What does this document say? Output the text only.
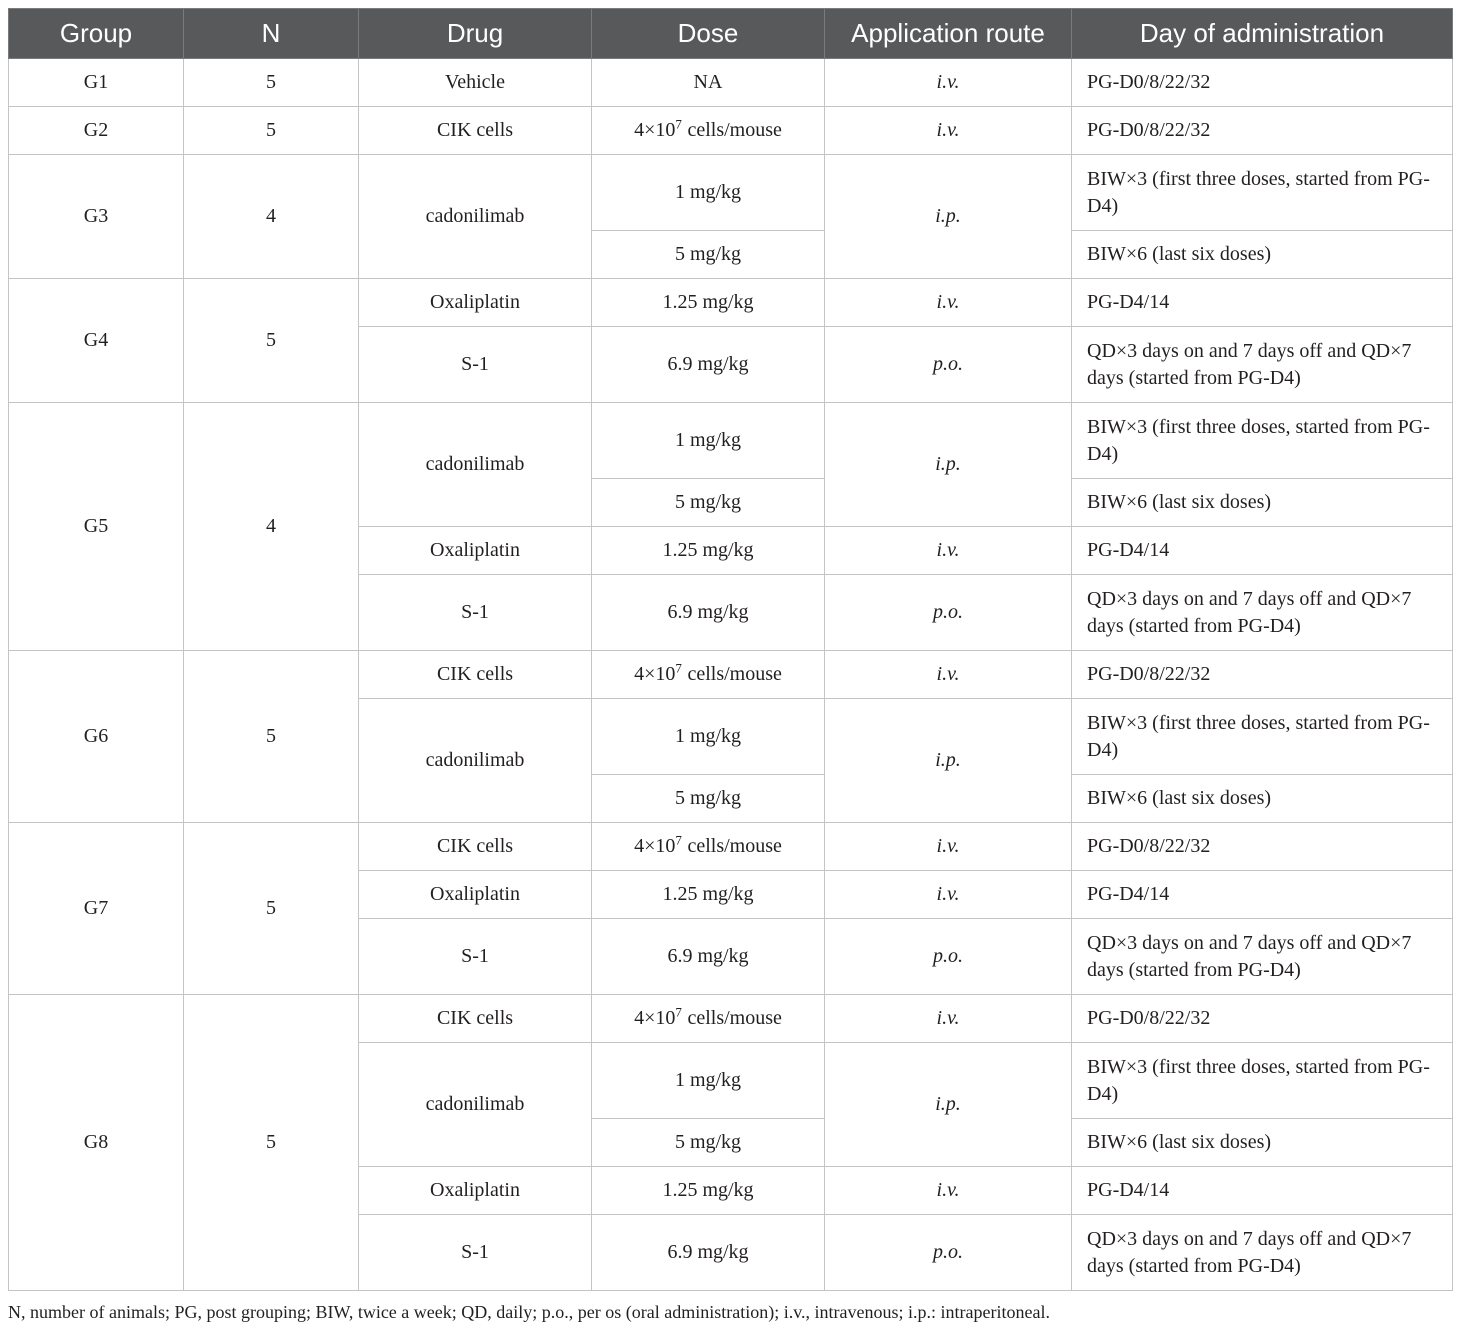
Group	N	Drug	Dose	Application route	Day of administration
G1	5	Vehicle	NA	i.v.	PG-D0/8/22/32
G2	5	CIK cells	$4\times 10^7$ cells/mouse	i.v.	PG-D0/8/22/32
G3	4	cadonilimab	1 mg/kg	i.p.	BIW×3 (first three doses, started from PG-D4)
			5 mg/kg		BIW×6 (last six doses)
G4	5	Oxaliplatin	1.25 mg/kg	i.v.	PG-D4/14
		S-1	6.9 mg/kg	p.o.	QD×3 days on and 7 days off and QD×7 days (started from PG-D4)
G5	4	cadonilimab	1 mg/kg	i.p.	BIW×3 (first three doses, started from PG-D4)
			5 mg/kg		BIW×6 (last six doses)
		Oxaliplatin	1.25 mg/kg	i.v.	PG-D4/14
		S-1	6.9 mg/kg	p.o.	QD×3 days on and 7 days off and QD×7 days (started from PG-D4)
G6	5	CIK cells	$4\times 10^7$ cells/mouse	i.v.	PG-D0/8/22/32
		cadonilimab	1 mg/kg	i.p.	BIW×3 (first three doses, started from PG-D4)
			5 mg/kg		BIW×6 (last six doses)
G7	5	CIK cells	$4\times 10^7$ cells/mouse	i.v.	PG-D0/8/22/32
		Oxaliplatin	1.25 mg/kg	i.v.	PG-D4/14
		S-1	6.9 mg/kg	p.o.	QD×3 days on and 7 days off and QD×7 days (started from PG-D4)
G8	5	CIK cells	$4\times 10^7$ cells/mouse	i.v.	PG-D0/8/22/32
		cadonilimab	1 mg/kg	i.p.	BIW×3 (first three doses, started from PG-D4)
			5 mg/kg		BIW×6 (last six doses)
		Oxaliplatin	1.25 mg/kg	i.v.	PG-D4/14
		S-1	6.9 mg/kg	p.o.	QD×3 days on and 7 days off and QD×7 days (started from PG-D4)
N, number of animals; PG, post grouping; BIW, twice a week; QD, daily; p.o., per os (oral administration); i.v., intravenous; i.p.: intraperitoneal.
